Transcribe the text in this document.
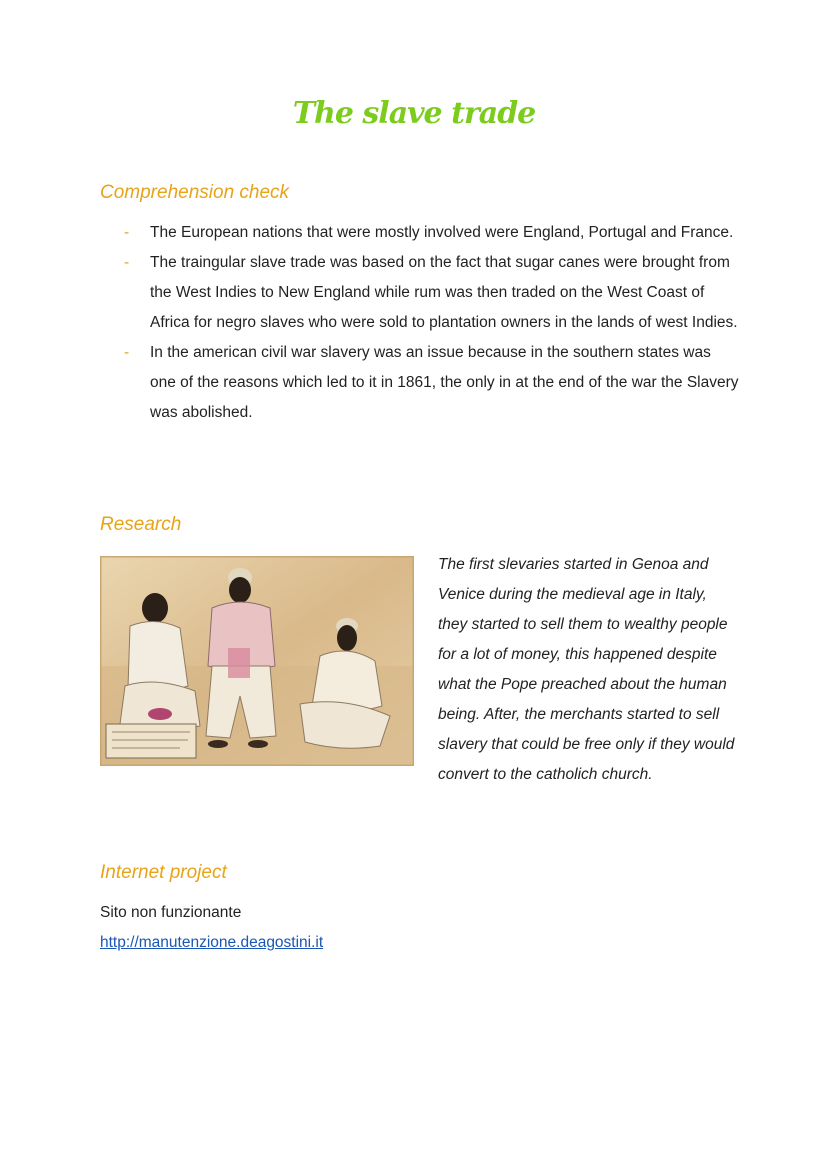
The slave trade
Comprehension check
- The European nations that were mostly involved were England, Portugal and France.
- The traingular slave trade was based on the fact that sugar canes were brought from the West Indies to New England while rum was then traded on the West Coast of Africa for negro slaves who were sold to plantation owners in the lands of west Indies.
- In the american civil war slavery was an issue because in the southern states was one of the reasons which led to it in 1861, the only in at the end of the war the Slavery was abolished.
Research

The first slevaries started in Genoa and Venice during the medieval age in Italy, they started to sell them to wealthy people for a lot of money, this happened despite what the Pope preached about the human being. After, the merchants started to sell slavery that could be free only if they would convert to the catholich church.

Internet project
Sito non funzionante
http://manutenzione.deagostini.it
